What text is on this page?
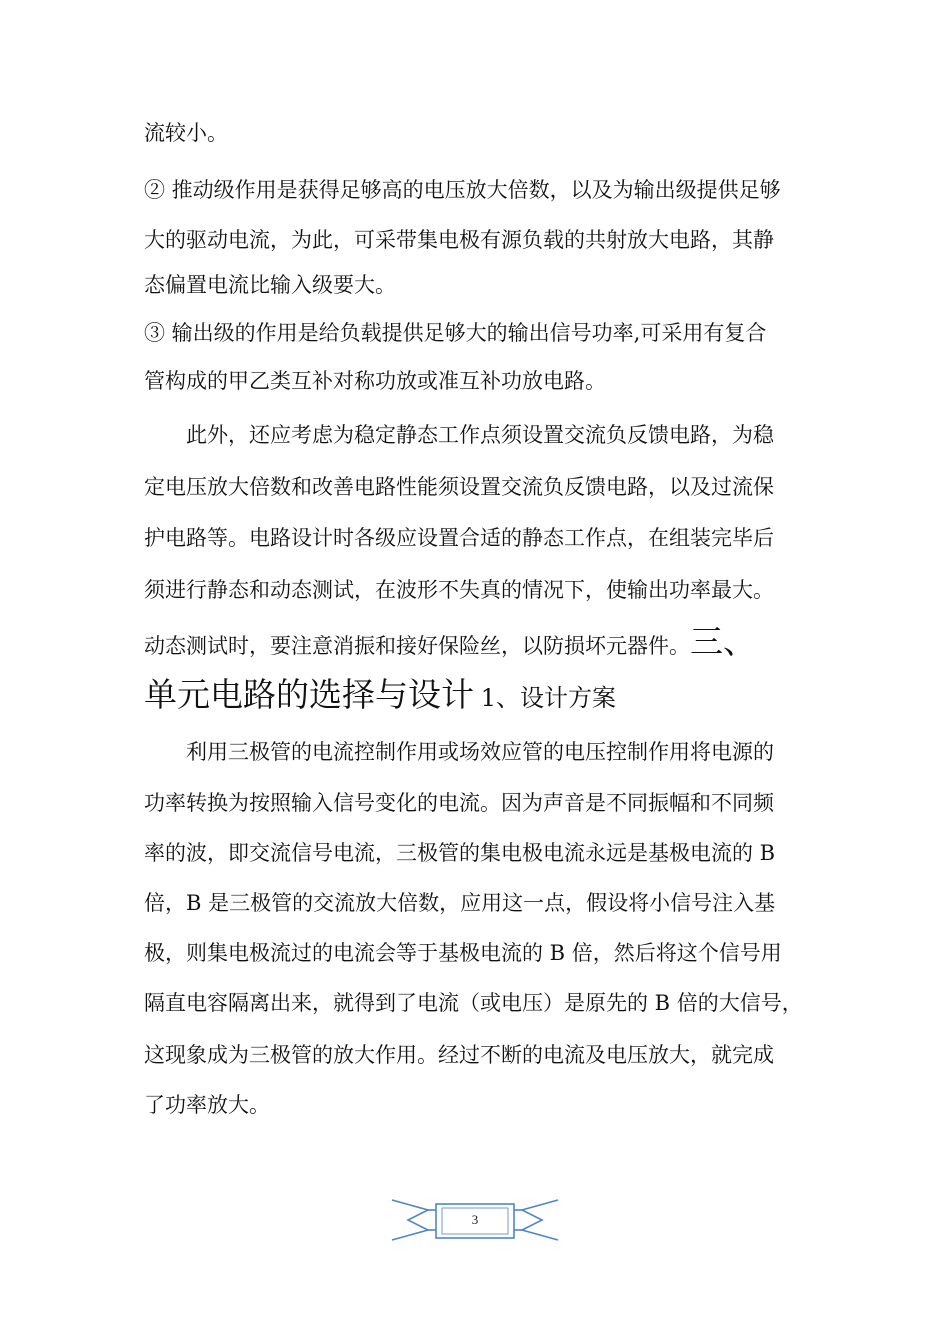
流较小。
② 推动级作用是获得足够高的电压放大倍数，以及为输出级提供足够
大的驱动电流，为此，可采带集电极有源负载的共射放大电路，其静
态偏置电流比输入级要大。
③ 输出级的作用是给负载提供足够大的输出信号功率,可采用有复合
管构成的甲乙类互补对称功放或准互补功放电路。
此外，还应考虑为稳定静态工作点须设置交流负反馈电路，为稳
定电压放大倍数和改善电路性能须设置交流负反馈电路，以及过流保
护电路等。电路设计时各级应设置合适的静态工作点，在组装完毕后
须进行静态和动态测试，在波形不失真的情况下，使输出功率最大。
动态测试时，要注意消振和接好保险丝，以防损坏元器件。三、
单元电路的选择与设计 1、设计方案
利用三极管的电流控制作用或场效应管的电压控制作用将电源的
功率转换为按照输入信号变化的电流。因为声音是不同振幅和不同频
率的波，即交流信号电流，三极管的集电极电流永远是基极电流的 B
倍，B 是三极管的交流放大倍数，应用这一点，假设将小信号注入基
极，则集电极流过的电流会等于基极电流的 B 倍，然后将这个信号用
隔直电容隔离出来，就得到了电流（或电压）是原先的 B 倍的大信号，
这现象成为三极管的放大作用。经过不断的电流及电压放大，就完成
了功率放大。
3
